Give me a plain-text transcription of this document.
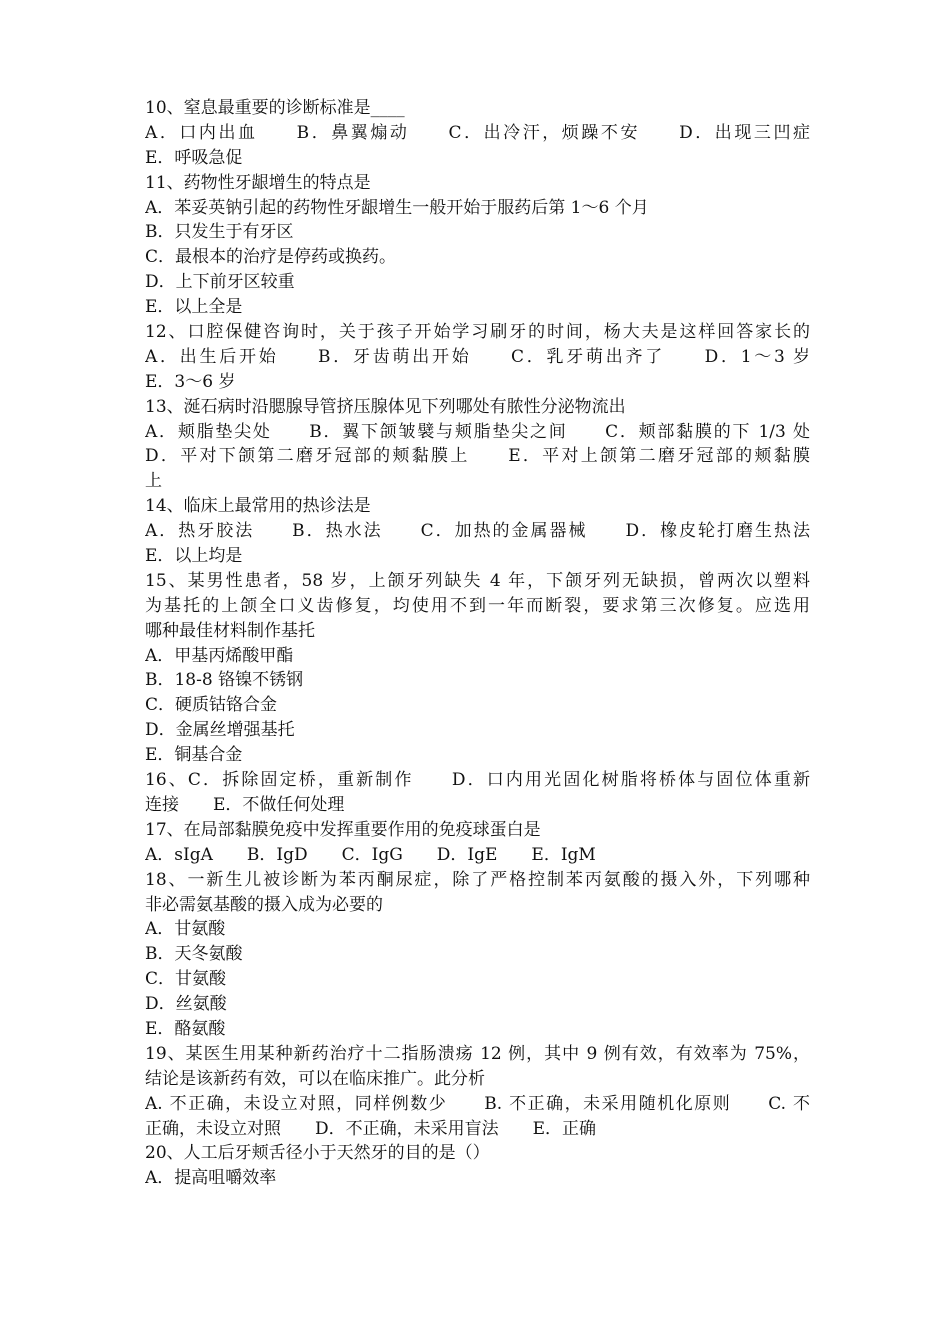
10、窒息最重要的诊断标准是____
A．口内出血　　B．鼻翼煽动　　C．出冷汗，烦躁不安　　D．出现三凹症
E．呼吸急促
11、药物性牙龈增生的特点是
A．苯妥英钠引起的药物性牙龈增生一般开始于服药后第 1～6 个月
B．只发生于有牙区
C．最根本的治疗是停药或换药。
D．上下前牙区较重
E．以上全是
12、口腔保健咨询时，关于孩子开始学习刷牙的时间，杨大夫是这样回答家长的
A．出生后开始　　B．牙齿萌出开始　　C．乳牙萌出齐了　　D．1～3 岁
E．3～6 岁
13、涎石病时沿腮腺导管挤压腺体见下列哪处有脓性分泌物流出
A．颊脂垫尖处　　B．翼下颌皱襞与颊脂垫尖之间　　C．颊部黏膜的下 1/3 处
D．平对下颌第二磨牙冠部的颊黏膜上　　E．平对上颌第二磨牙冠部的颊黏膜
上
14、临床上最常用的热诊法是
A．热牙胶法　　B．热水法　　C．加热的金属器械　　D．橡皮轮打磨生热法
E．以上均是
15、某男性患者，58 岁，上颌牙列缺失 4 年，下颌牙列无缺损，曾两次以塑料
为基托的上颌全口义齿修复，均使用不到一年而断裂，要求第三次修复。应选用
哪种最佳材料制作基托
A．甲基丙烯酸甲酯
B．18-8 铬镍不锈钢
C．硬质钴铬合金
D．金属丝增强基托
E．铜基合金
16、C．拆除固定桥，重新制作　　D．口内用光固化树脂将桥体与固位体重新
连接　　E．不做任何处理
17、在局部黏膜免疫中发挥重要作用的免疫球蛋白是
A．sIgA　　B．IgD　　C．IgG　　D．IgE　　E．IgM
18、一新生儿被诊断为苯丙酮尿症，除了严格控制苯丙氨酸的摄入外，下列哪种
非必需氨基酸的摄入成为必要的
A．甘氨酸
B．天冬氨酸
C．甘氨酸
D．丝氨酸
E．酪氨酸
19、某医生用某种新药治疗十二指肠溃疡 12 例，其中 9 例有效，有效率为 75%，
结论是该新药有效，可以在临床推广。此分析
A. 不正确，未设立对照，同样例数少　　B. 不正确，未采用随机化原则　　C. 不
正确，未设立对照　　D．不正确，未采用盲法　　E．正确
20、人工后牙颊舌径小于天然牙的目的是（）
A．提高咀嚼效率
